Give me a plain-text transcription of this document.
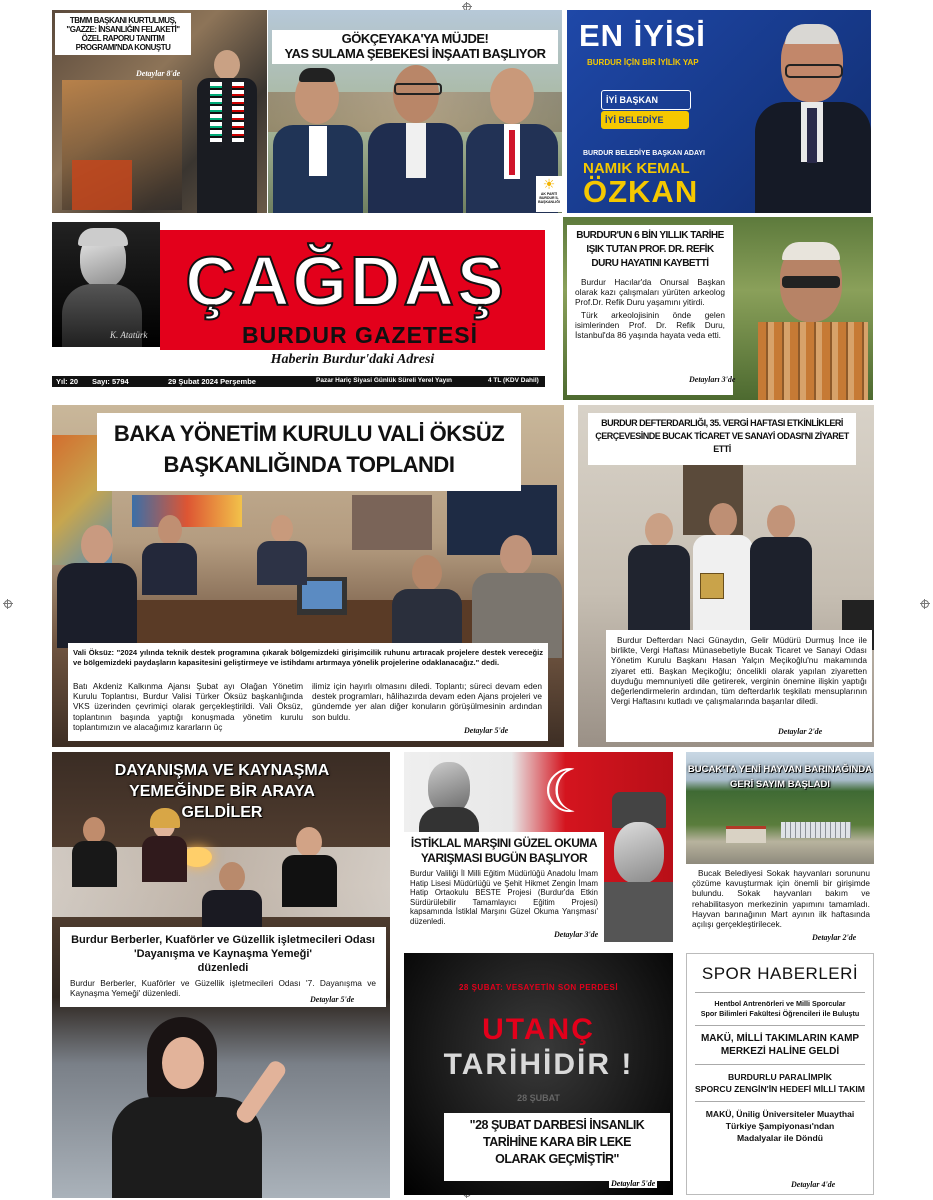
TBMM BAŞKANI KURTULMUŞ, "GAZZE: İNSANLIĞIN FELAKETİ" ÖZEL RAPORU TANITIM PROGRAMI'NDA KONUŞTU
Detaylar 8'de
GÖKÇEYAKA'YA MÜJDE!
YAS SULAMA ŞEBEKESİ İNŞAATI BAŞLIYOR
☀
AK PARTİ BURDUR İL BAŞKANLIĞI
EN İYİSİ
BURDUR İÇİN BİR İYİLİK YAP
İYİ BAŞKAN
İYİ BELEDİYE
BURDUR BELEDİYE BAŞKAN ADAYI
NAMIK KEMAL
ÖZKAN
K. Atatürk
ÇAĞDAŞ
BURDUR GAZETESİ
Haberin Burdur'daki Adresi
Yıl: 20 Sayı: 5794	29 Şubat 2024 Perşembe	Pazar Hariç Siyasi Günlük Süreli Yerel Yayın	4 TL (KDV Dahil)
BURDUR'UN 6 BİN YILLIK TARİHE IŞIK TUTAN PROF. DR. REFİK DURU HAYATINI KAYBETTİ
Burdur Hacılar'da Onursal Başkan olarak kazı çalışmaları yürüten arkeolog Prof.Dr. Refik Duru yaşamını yitirdi.
Türk arkeolojisinin önde gelen isimlerinden Prof. Dr. Refik Duru, İstanbul'da 86 yaşında hayata veda etti.
Detayları 3'de
BAKA YÖNETİM KURULU VALİ ÖKSÜZ
BAŞKANLIĞINDA TOPLANDI
Vali Öksüz: "2024 yılında teknik destek programına çıkarak bölgemizdeki girişimcilik ruhunu artıracak projelere destek vereceğiz ve bölgemizdeki paydaşların kapasitesini geliştirmeye ve istihdamı artırmaya yönelik projelerine odaklanacağız." dedi.
Batı Akdeniz Kalkınma Ajansı Şubat ayı Olağan Yönetim Kurulu Toplantısı, Burdur Valisi Türker Öksüz başkanlığında VKS üzerinden çevrimiçi olarak gerçekleştirildi. Vali Öksüz, toplantının başında yaptığı konuşmada yönetim kurulu toplantımızın ve alacağımız kararların üç
ilimiz için hayırlı olmasını diledi. Toplantı; süreci devam eden destek programları, hâlihazırda devam eden Ajans projeleri ve gündemde yer alan diğer konuların görüşülmesinin ardından son buldu.
Detaylar 5'de
BURDUR DEFTERDARLIĞI, 35. VERGİ HAFTASI ETKİNLİKLERİ ÇERÇEVESİNDE BUCAK TİCARET VE SANAYİ ODASI'NI ZİYARET ETTİ
Burdur Defterdarı Naci Günaydın, Gelir Müdürü Durmuş İnce ile birlikte, Vergi Haftası Münasebetiyle Bucak Ticaret ve Sanayi Odası Yönetim Kurulu Başkanı Hasan Yalçın Meçikoğlu'nu makamında ziyaret etti. Başkan Meçikoğlu; öncelikli olarak yapılan ziyaretten duyduğu memnuniyeti dile getirerek, verginin önemine ilişkin yaptığı değerlendirmelerin ardından, tüm defterdarlık teşkilatı mensuplarının Vergi Haftasını kutladı ve çalışmalarında başarılar diledi.
Detaylar 2'de
DAYANIŞMA VE KAYNAŞMA
YEMEĞİNDE BİR ARAYA GELDİLER
Burdur Berberler, Kuaförler ve Güzellik işletmecileri Odası
'Dayanışma ve Kaynaşma Yemeği'
düzenledi
Burdur Berberler, Kuaförler ve Güzellik işletmecileri Odası '7. Dayanışma ve Kaynaşma Yemeği' düzenledi.
Detaylar 5'de
☾
İSTİKLAL MARŞINI GÜZEL OKUMA
YARIŞMASI BUGÜN BAŞLIYOR
Burdur Valiliği İl Milli Eğitim Müdürlüğü Anadolu İmam Hatip Lisesi Müdürlüğü ve Şehit Hikmet Zengin İmam Hatip Ortaokulu BESTE Projesi (Burdur'da Etkin Sürdürülebilir Tamamlayıcı Eğitim Projesi) kapsamında İstiklal Marşını Güzel Okuma Yarışması' düzenledi.
Detaylar 3'de
BUCAK'TA YENİ HAYVAN BARINAĞINDA
GERİ SAYIM BAŞLADI
Bucak Belediyesi Sokak hayvanları sorununu çözüme kavuşturmak için önemli bir girişimde bulundu. Sokak hayvanları bakım ve rehabilitasyon merkezinin yapımını tamamladı. Hayvan barınağının Mart ayının ilk haftasında açılışı gerçekleştirilecek.
Detaylar 2'de
28 ŞUBAT: VESAYETİN SON PERDESİ
UTANÇ
TARİHİDİR !
28 ŞUBAT
"28 ŞUBAT DARBESİ İNSANLIK
TARİHİNE KARA BİR LEKE
OLARAK GEÇMİŞTİR"
Detaylar 5'de
SPOR HABERLERİ
Hentbol Antrenörleri ve Milli Sporcular
Spor Bilimleri Fakültesi Öğrencileri ile Buluştu
MAKÜ, MİLLİ TAKIMLARIN KAMP
MERKEZİ HALİNE GELDİ
BURDURLU PARALİMPİK
SPORCU ZENGİN'İN HEDEFİ MİLLİ TAKIM
MAKÜ, Ünilig Üniversiteler Muaythai
Türkiye Şampiyonası'ndan
Madalyalar ile Döndü
Detaylar 4'de
